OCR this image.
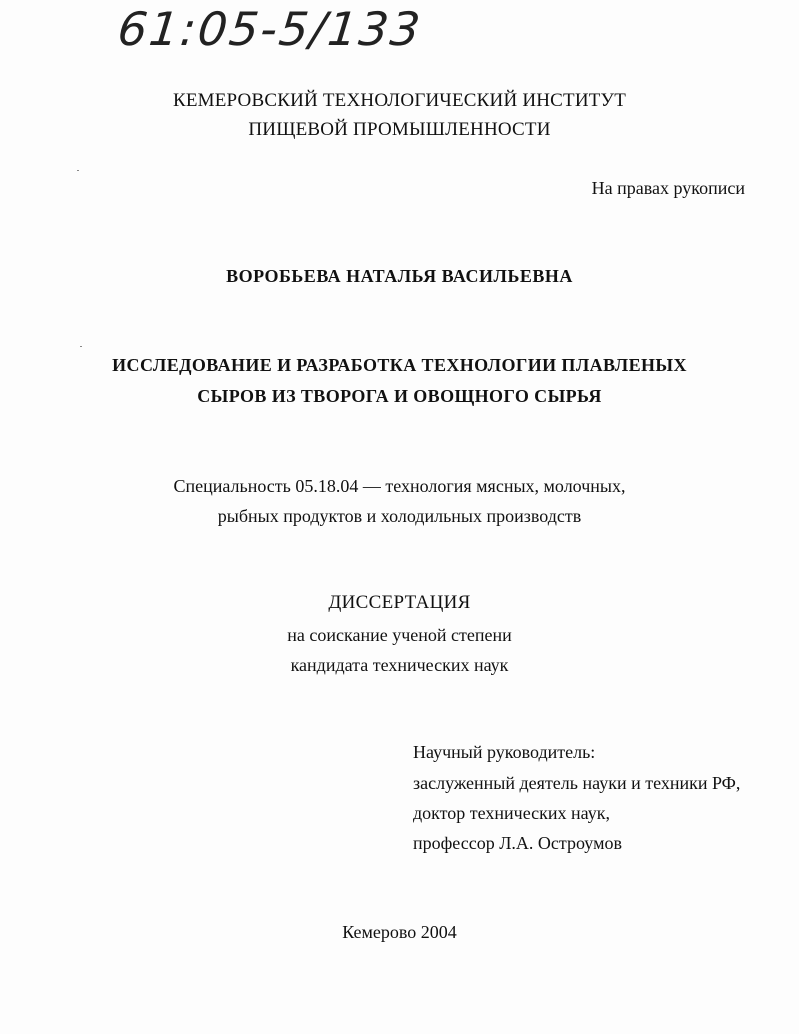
61:05-5/133
КЕМЕРОВСКИЙ ТЕХНОЛОГИЧЕСКИЙ ИНСТИТУТ
ПИЩЕВОЙ ПРОМЫШЛЕННОСТИ
На правах рукописи
ВОРОБЬЕВА НАТАЛЬЯ ВАСИЛЬЕВНА
ИССЛЕДОВАНИЕ И РАЗРАБОТКА ТЕХНОЛОГИИ ПЛАВЛЕНЫХ
СЫРОВ ИЗ ТВОРОГА И ОВОЩНОГО СЫРЬЯ
Специальность 05.18.04 — технология мясных, молочных,
рыбных продуктов и холодильных производств
ДИССЕРТАЦИЯ
на соискание ученой степени
кандидата технических наук
Научный руководитель:
заслуженный деятель науки и техники РФ,
доктор технических наук,
профессор Л.А. Остроумов
Кемерово 2004
